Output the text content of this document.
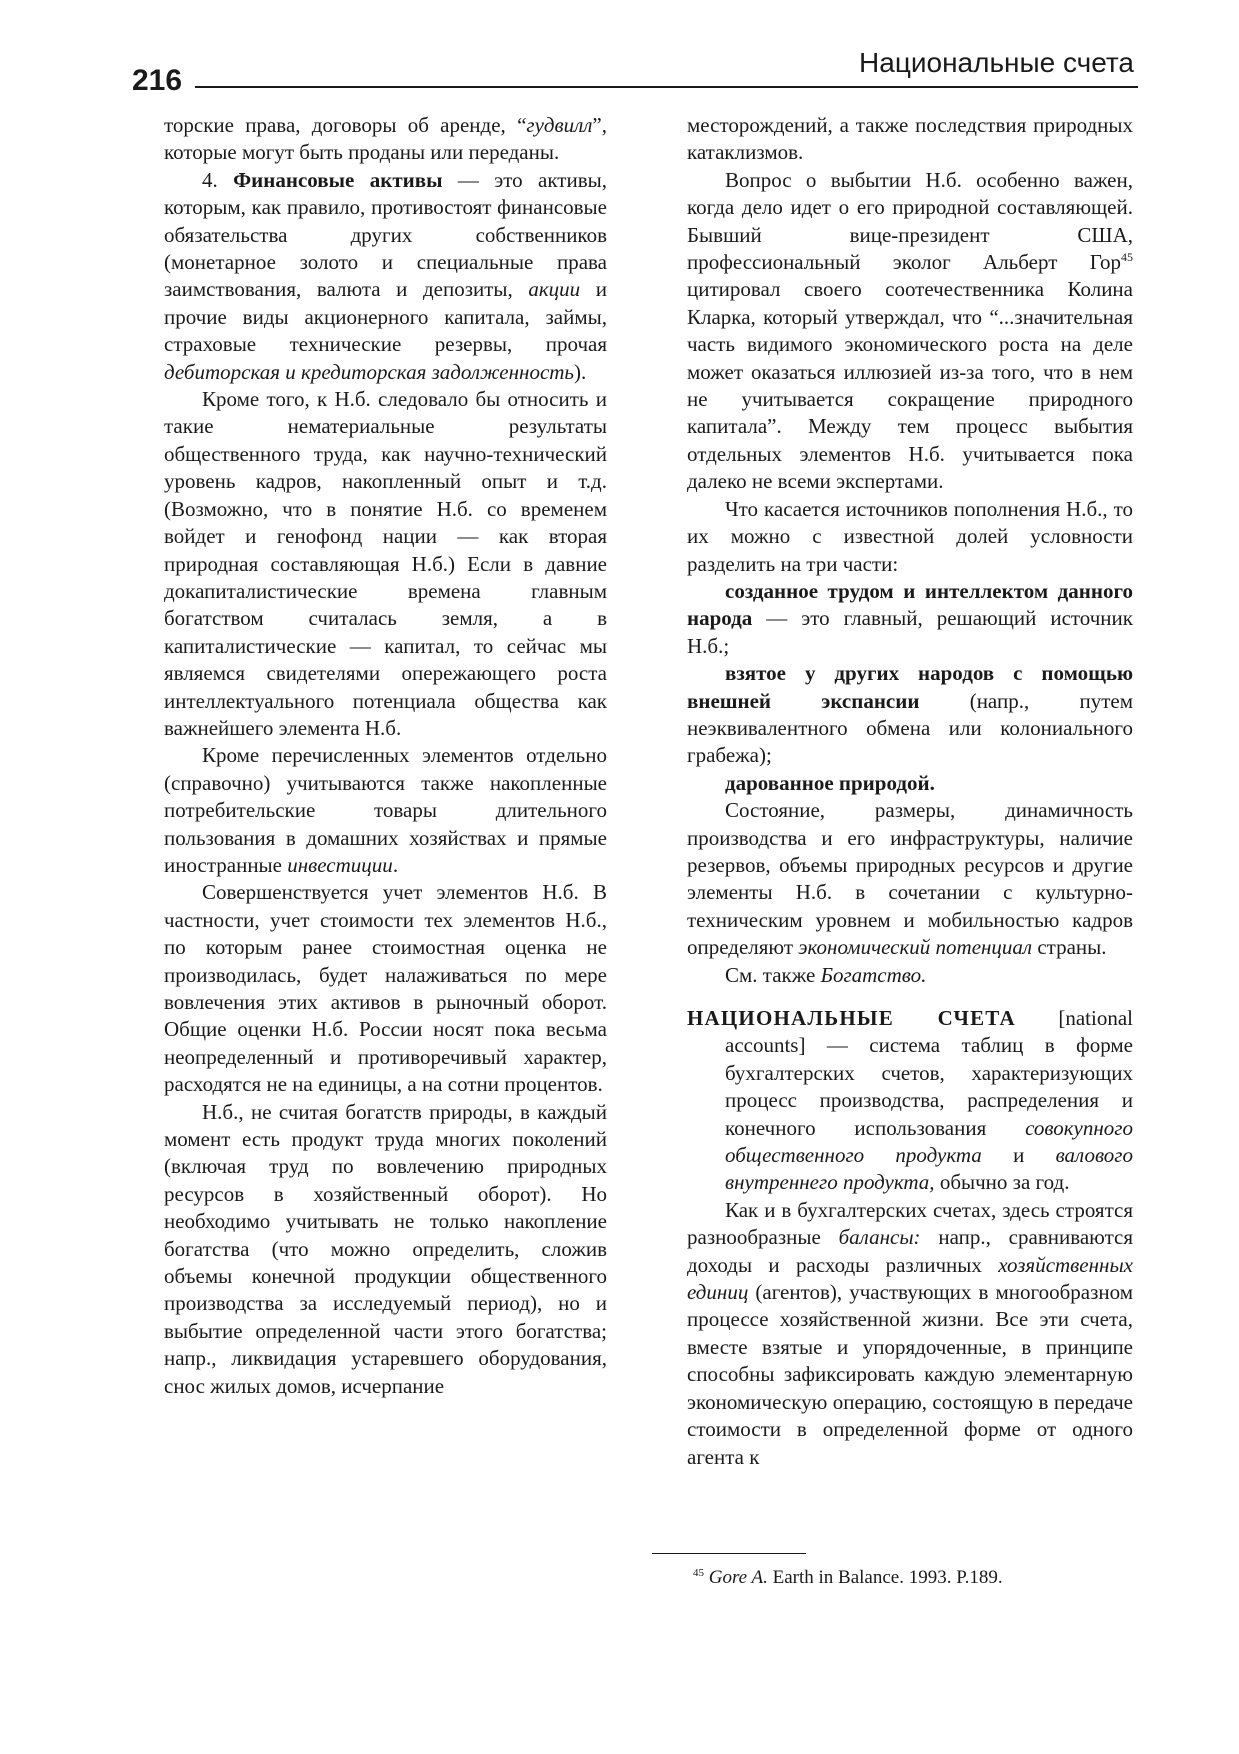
216
Национальные счета

торские права, договоры об аренде, “гудвилл”, которые могут быть проданы или переданы.

4. Финансовые активы — это активы, которым, как правило, противостоят финансовые обязательства других собственников (монетарное золото и специальные права заимствования, валюта и депозиты, акции и прочие виды акционерного капитала, займы, страховые технические резервы, прочая дебиторская и кредиторская задолженность).

Кроме того, к Н.б. следовало бы относить и такие нематериальные результаты общественного труда, как научно-технический уровень кадров, накопленный опыт и т.д. (Возможно, что в понятие Н.б. со временем войдет и генофонд нации — как вторая природная составляющая Н.б.) Если в давние докапиталистические времена главным богатством считалась земля, а в капиталистические — капитал, то сейчас мы являемся свидетелями опережающего роста интеллектуального потенциала общества как важнейшего элемента Н.б.

Кроме перечисленных элементов отдельно (справочно) учитываются также накопленные потребительские товары длительного пользования в домашних хозяйствах и прямые иностранные инвестиции.

Совершенствуется учет элементов Н.б. В частности, учет стоимости тех элементов Н.б., по которым ранее стоимостная оценка не производилась, будет налаживаться по мере вовлечения этих активов в рыночный оборот. Общие оценки Н.б. России носят пока весьма неопределенный и противоречивый характер, расходятся не на единицы, а на сотни процентов.

Н.б., не считая богатств природы, в каждый момент есть продукт труда многих поколений (включая труд по вовлечению природных ресурсов в хозяйственный оборот). Но необходимо учитывать не только накопление богатства (что можно определить, сложив объемы конечной продукции общественного производства за исследуемый период), но и выбытие определенной части этого богатства; напр., ликвидация устаревшего оборудования, снос жилых домов, исчерпание

месторождений, а также последствия природных катаклизмов.

Вопрос о выбытии Н.б. особенно важен, когда дело идет о его природной составляющей. Бывший вице-президент США, профессиональный эколог Альберт Гор$^{45}$ цитировал своего соотечественника Колина Кларка, который утверждал, что “...значительная часть видимого экономического роста на деле может оказаться иллюзией из-за того, что в нем не учитывается сокращение природного капитала”. Между тем процесс выбытия отдельных элементов Н.б. учитывается пока далеко не всеми экспертами.

Что касается источников пополнения Н.б., то их можно с известной долей условности разделить на три части:

созданное трудом и интеллектом данного народа — это главный, решающий источник Н.б.;

взятое у других народов с помощью внешней экспансии (напр., путем неэквивалентного обмена или колониального грабежа);

дарованное природой.

Состояние, размеры, динамичность производства и его инфраструктуры, наличие резервов, объемы природных ресурсов и другие элементы Н.б. в сочетании с культурно-техническим уровнем и мобильностью кадров определяют экономический потенциал страны.

См. также Богатство.

НАЦИОНАЛЬНЫЕ СЧЕТА [national accounts] — система таблиц в форме бухгалтерских счетов, характеризующих процесс производства, распределения и конечного использования совокупного общественного продукта и валового внутреннего продукта, обычно за год.

Как и в бухгалтерских счетах, здесь строятся разнообразные балансы: напр., сравниваются доходы и расходы различных хозяйственных единиц (агентов), участвующих в многообразном процессе хозяйственной жизни. Все эти счета, вместе взятые и упорядоченные, в принципе способны зафиксировать каждую элементарную экономическую операцию, состоящую в передаче стоимости в определенной форме от одного агента к

$^{45}$ Gore A. Earth in Balance. 1993. P.189.
